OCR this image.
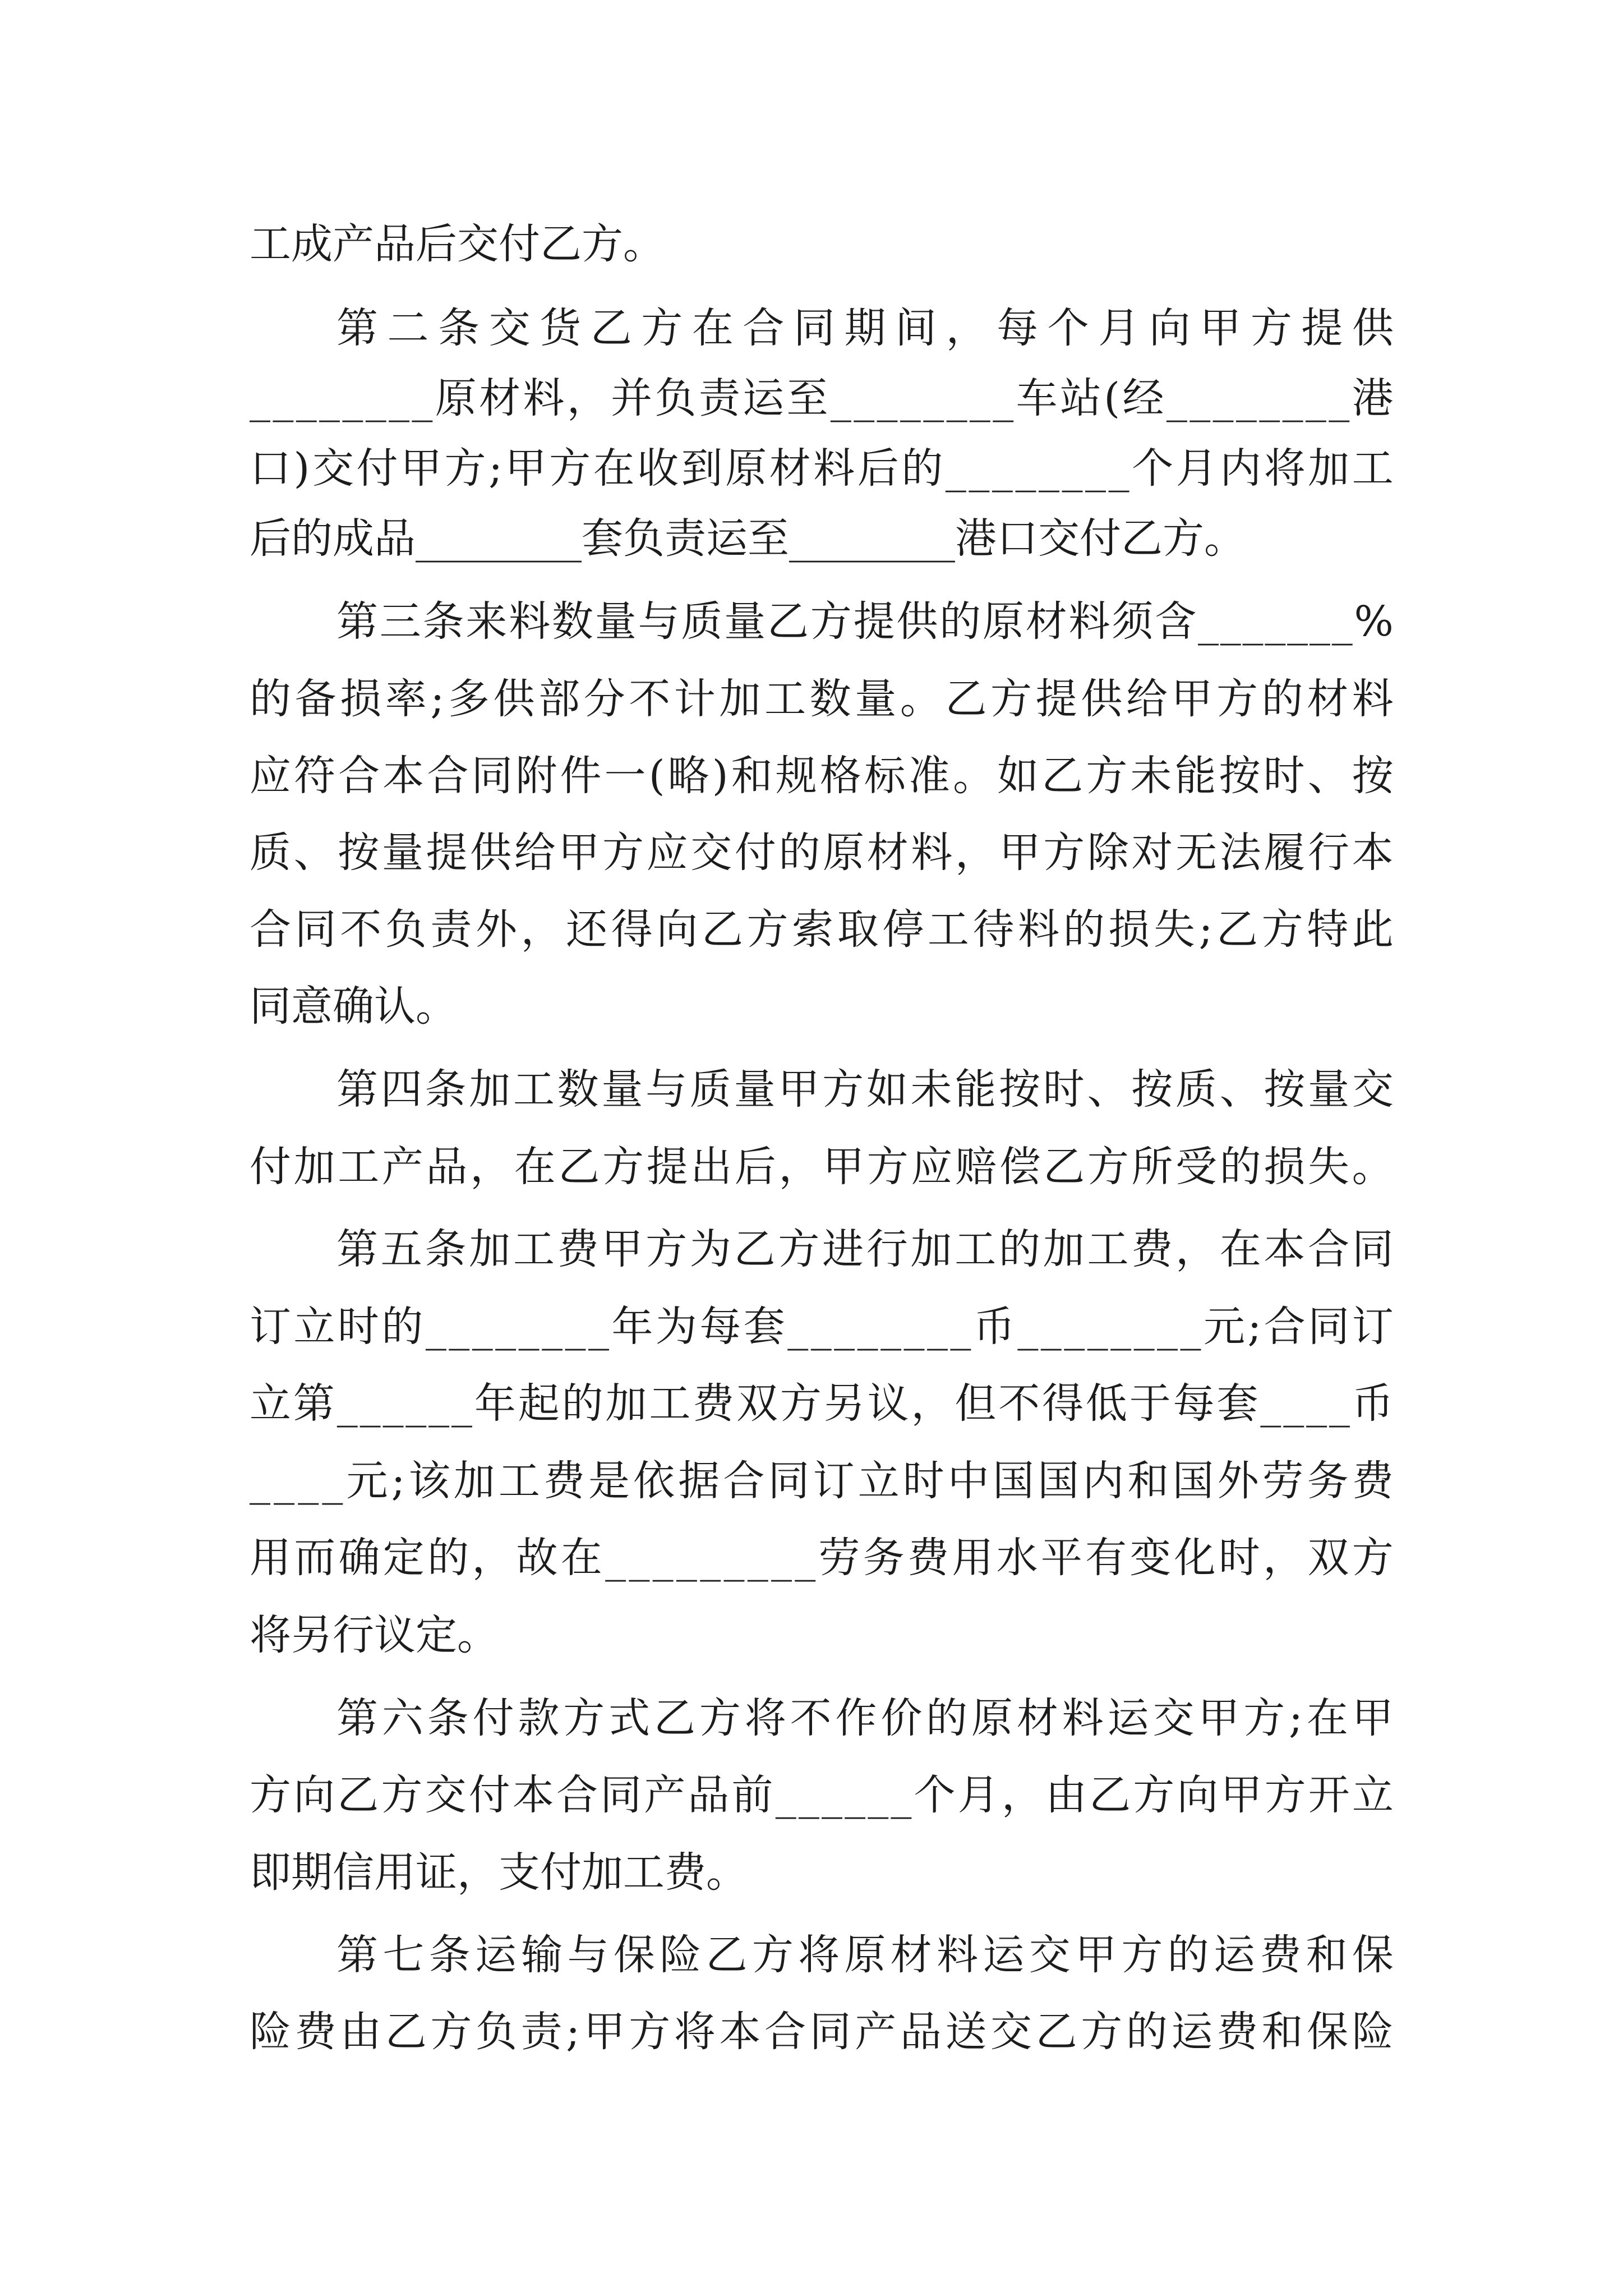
工成产品后交付乙方。
第 二 条 交 货 乙 方 在 合 同 期 间 ， 每 个 月 向 甲 方 提 供
_ _ _ _ _ _ _ _ 原 材 料 ， 并 负 责 运 至 _ _ _ _ _ _ _ _ 车 站 ( 经 _ _ _ _ _ _ _ _ 港
口 ) 交 付 甲 方 ; 甲 方 在 收 到 原 材 料 后 的 _ _ _ _ _ _ _ _ 个 月 内 将 加 工
后的成品________套负责运至________港口交付乙方。
第 三 条 来 料 数 量 与 质 量 乙 方 提 供 的 原 材 料 须 含 _ _ _ _ _ _ _ %
的 备 损 率 ; 多 供 部 分 不 计 加 工 数 量 。 乙 方 提 供 给 甲 方 的 材 料
应 符 合 本 合 同 附 件 一 ( 略 ) 和 规 格 标 准 。 如 乙 方 未 能 按 时 、 按
质 、 按 量 提 供 给 甲 方 应 交 付 的 原 材 料 ， 甲 方 除 对 无 法 履 行 本
合 同 不 负 责 外 ， 还 得 向 乙 方 索 取 停 工 待 料 的 损 失 ; 乙 方 特 此
同意确认。
第 四 条 加 工 数 量 与 质 量 甲 方 如 未 能 按 时 、 按 质 、 按 量 交
付 加 工 产 品 ， 在 乙 方 提 出 后 ， 甲 方 应 赔 偿 乙 方 所 受 的 损 失 。
第 五 条 加 工 费 甲 方 为 乙 方 进 行 加 工 的 加 工 费 ， 在 本 合 同
订 立 时 的 _ _ _ _ _ _ _ _ 年 为 每 套 _ _ _ _ _ _ _ _ 币 _ _ _ _ _ _ _ _ 元 ; 合 同 订
立 第 _ _ _ _ _ _ 年 起 的 加 工 费 双 方 另 议 ， 但 不 得 低 于 每 套 _ _ _ _ 币
_ _ _ _ 元 ; 该 加 工 费 是 依 据 合 同 订 立 时 中 国 国 内 和 国 外 劳 务 费
用 而 确 定 的 ， 故 在 _ _ _ _ _ _ _ _ _ 劳 务 费 用 水 平 有 变 化 时 ， 双 方
将另行议定。
第 六 条 付 款 方 式 乙 方 将 不 作 价 的 原 材 料 运 交 甲 方 ; 在 甲
方 向 乙 方 交 付 本 合 同 产 品 前 _ _ _ _ _ _ 个 月 ， 由 乙 方 向 甲 方 开 立
即期信用证，支付加工费。
第 七 条 运 输 与 保 险 乙 方 将 原 材 料 运 交 甲 方 的 运 费 和 保
险 费 由 乙 方 负 责 ; 甲 方 将 本 合 同 产 品 送 交 乙 方 的 运 费 和 保 险
